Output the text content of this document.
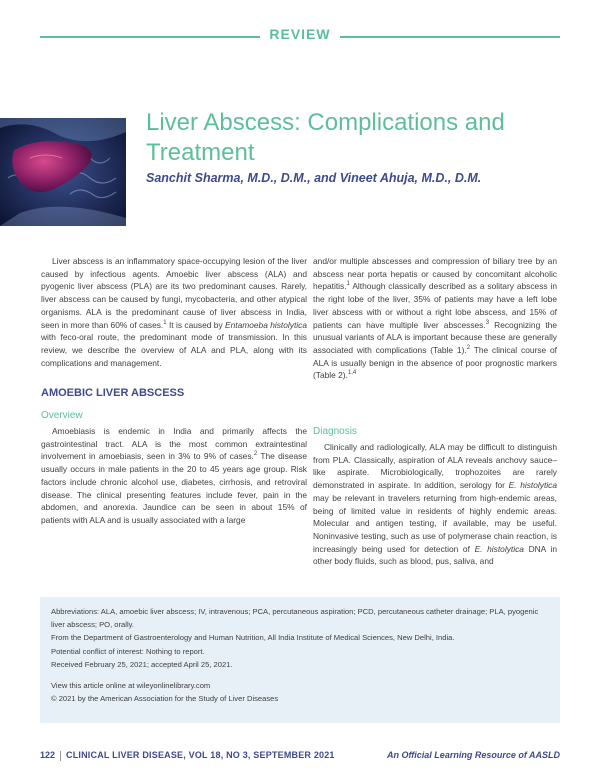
REVIEW
Liver Abscess: Complications and
Treatment
Sanchit Sharma, M.D., D.M., and Vineet Ahuja, M.D., D.M.

Liver abscess is an inflammatory space-occupying lesion of the liver caused by infectious agents. Amoebic liver abscess (ALA) and pyogenic liver abscess (PLA) are its two predominant causes. Rarely, liver abscess can be caused by fungi, mycobacteria, and other atypical organisms. ALA is the predominant cause of liver abscess in India, seen in more than 60% of cases.$^1$ It is caused by Entamoeba histolytica with feco-oral route, the predominant mode of transmission. In this review, we describe the overview of ALA and PLA, along with its complications and management.

AMOEBIC LIVER ABSCESS
Overview

Amoebiasis is endemic in India and primarily affects the gastrointestinal tract. ALA is the most common extraintestinal involvement in amoebiasis, seen in 3% to 9% of cases.$^2$ The disease usually occurs in male patients in the 20 to 45 years age group. Risk factors include chronic alcohol use, diabetes, cirrhosis, and retroviral disease. The clinical presenting features include fever, pain in the abdomen, and anorexia. Jaundice can be seen in about 15% of patients with ALA and is usually associated with a large

and/or multiple abscesses and compression of biliary tree by an abscess near porta hepatis or caused by concomitant alcoholic hepatitis.$^1$ Although classically described as a solitary abscess in the right lobe of the liver, 35% of patients may have a left lobe liver abscess with or without a right lobe abscess, and 15% of patients can have multiple liver abscesses.$^3$ Recognizing the unusual variants of ALA is important because these are generally associated with complications (Table 1).$^2$ The clinical course of ALA is usually benign in the absence of poor prognostic markers (Table 2).$^{1,4}$

Diagnosis

Clinically and radiologically, ALA may be difficult to distinguish from PLA. Classically, aspiration of ALA reveals anchovy sauce–like aspirate. Microbiologically, trophozoites are rarely demonstrated in aspirate. In addition, serology for E. histolytica may be relevant in travelers returning from high-endemic areas, being of limited value in residents of highly endemic areas. Molecular and antigen testing, if available, may be useful. Noninvasive testing, such as use of polymerase chain reaction, is increasingly being used for detection of E. histolytica DNA in other body fluids, such as blood, pus, saliva, and

Abbreviations: ALA, amoebic liver abscess; IV, intravenous; PCA, percutaneous aspiration; PCD, percutaneous catheter drainage; PLA, pyogenic liver abscess; PO, orally.

From the Department of Gastroenterology and Human Nutrition, All India Institute of Medical Sciences, New Delhi, India.

Potential conflict of interest: Nothing to report.

Received February 25, 2021; accepted April 25, 2021.

View this article online at wileyonlinelibrary.com

© 2021 by the American Association for the Study of Liver Diseases

122 CLINICAL LIVER DISEASE, VOL 18, NO 3, SEPTEMBER 2021	An Official Learning Resource of AASLD
